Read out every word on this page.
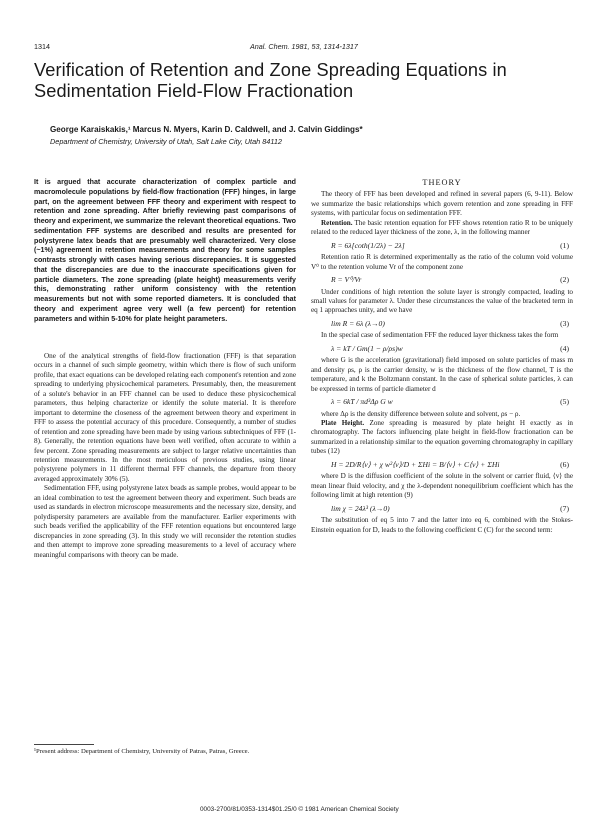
1314	Anal. Chem. 1981, 53, 1314-1317
Verification of Retention and Zone Spreading Equations in Sedimentation Field-Flow Fractionation
George Karaiskakis,¹ Marcus N. Myers, Karin D. Caldwell, and J. Calvin Giddings*
Department of Chemistry, University of Utah, Salt Lake City, Utah 84112
It is argued that accurate characterization of complex particle and macromolecule populations by field-flow fractionation (FFF) hinges, in large part, on the agreement between FFF theory and experiment with respect to retention and zone spreading. After briefly reviewing past comparisons of theory and experiment, we summarize the relevant theoretical equations. Two sedimentation FFF systems are described and results are presented for polystyrene latex beads that are presumably well characterized. Very close (~1%) agreement in retention measurements and theory for some samples contrasts strongly with cases having serious discrepancies. It is suggested that the discrepancies are due to the inaccurate specifications given for particle diameters. The zone spreading (plate height) measurements verify this, demonstrating rather uniform consistency with the retention measurements but not with some reported diameters. It is concluded that theory and experiment agree very well (a few percent) for retention parameters and within 5-10% for plate height parameters.

One of the analytical strengths of field-flow fractionation (FFF) is that separation occurs in a channel of such simple geometry, within which there is flow of such uniform profile, that exact equations can be developed relating each component's retention and zone spreading to underlying physicochemical parameters. Presumably, then, the measurement of a solute's behavior in an FFF channel can be used to deduce these physicochemical parameters, thus helping characterize or identify the solute material. It is therefore important to determine the closeness of the agreement between theory and experiment in FFF to assess the potential accuracy of this procedure. Consequently, a number of studies of retention and zone spreading have been made by using various subtechniques of FFF (1-8). Generally, the retention equations have been well verified, often accurate to within a few percent. Zone spreading measurements are subject to larger relative uncertainties than retention measurements. In the most meticulous of previous studies, using linear polystyrene polymers in 11 different thermal FFF channels, the departure from theory averaged approximately 30% (5).

Sedimentation FFF, using polystyrene latex beads as sample probes, would appear to be an ideal combination to test the agreement between theory and experiment. Such beads are used as standards in electron microscope measurements and the necessary size, density, and polydispersity parameters are available from the manufacturer. Earlier experiments with such beads verified the applicability of the FFF retention equations but encountered large discrepancies in zone spreading (3). In this study we will reconsider the retention studies and then attempt to improve zone spreading measurements to a level of accuracy where meaningful comparisons with theory can be made.

¹Present address: Department of Chemistry, University of Patras, Patras, Greece.
THEORY

The theory of FFF has been developed and refined in several papers (6, 9-11). Below we summarize the basic relationships which govern retention and zone spreading in FFF systems, with particular focus on sedimentation FFF.

Retention. The basic retention equation for FFF shows retention ratio R to be uniquely related to the reduced layer thickness of the zone, λ, in the following manner

R = 6λ[coth(1/2λ) − 2λ]	(1)

Retention ratio R is determined experimentally as the ratio of the column void volume V⁰ to the retention volume Vr of the component zone

R = V⁰/Vr	(2)

Under conditions of high retention the solute layer is strongly compacted, leading to small values for parameter λ. Under these circumstances the value of the bracketed term in eq 1 approaches unity, and we have

lim R = 6λ (λ→0)	(3)

In the special case of sedimentation FFF the reduced layer thickness takes the form

λ = kT / Gm(1 − ρ/ρs)w	(4)

where G is the acceleration (gravitational) field imposed on solute particles of mass m and density ρs, ρ is the carrier density, w is the thickness of the flow channel, T is the temperature, and k the Boltzmann constant. In the case of spherical solute particles, λ can be expressed in terms of particle diameter d

λ = 6kT / πd³Δρ G w	(5)

where Δρ is the density difference between solute and solvent, ρs − ρ.

Plate Height. Zone spreading is measured by plate height H exactly as in chromatography. The factors influencing plate height in field-flow fractionation can be summarized in a relationship similar to the equation governing chromatography in capillary tubes (12)

H = 2D/R⟨v⟩ + χ w²⟨v⟩/D + ΣHi = B/⟨v⟩ + C⟨v⟩ + ΣHi	(6)

where D is the diffusion coefficient of the solute in the solvent or carrier fluid, ⟨v⟩ the mean linear fluid velocity, and χ the λ-dependent nonequilibrium coefficient which has the following limit at high retention (9)

lim χ = 24λ³ (λ→0)	(7)

The substitution of eq 5 into 7 and the latter into eq 6, combined with the Stokes-Einstein equation for D, leads to the following coefficient C (C) for the second term:

0003-2700/81/0353-1314$01.25/0 © 1981 American Chemical Society
